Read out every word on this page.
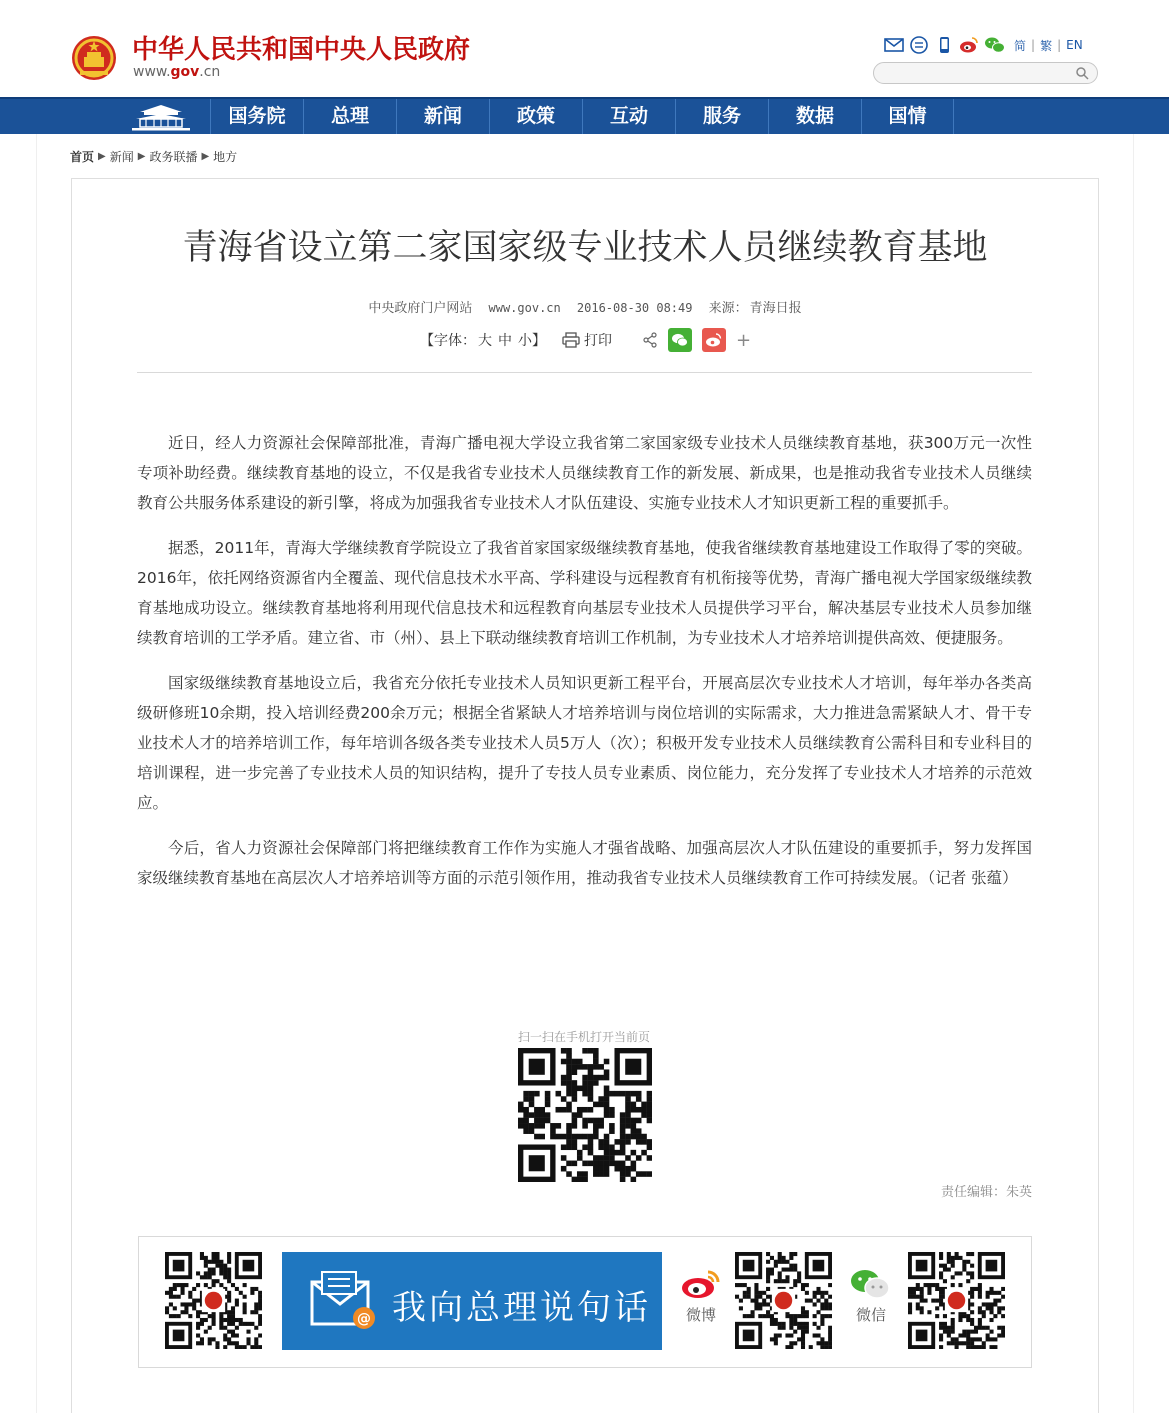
中华人民共和国中央人民政府
www.gov.cn
简 | 繁 | EN
国务院	总理	新闻	政策	互动	服务	数据	国情
首页 ▶ 新闻 ▶ 政务联播 ▶ 地方
青海省设立第二家国家级专业技术人员继续教育基地
中央政府门户网站 www.gov.cn 2016-08-30 08:49 来源： 青海日报
【字体： 大 中 小 】	打印	+

近日，经人力资源社会保障部批准，青海广播电视大学设立我省第二家国家级专业技术人员继续教育基地，获300万元一次性专项补助经费。继续教育基地的设立，不仅是我省专业技术人员继续教育工作的新发展、新成果，也是推动我省专业技术人员继续教育公共服务体系建设的新引擎，将成为加强我省专业技术人才队伍建设、实施专业技术人才知识更新工程的重要抓手。

据悉，2011年，青海大学继续教育学院设立了我省首家国家级继续教育基地，使我省继续教育基地建设工作取得了零的突破。2016年，依托网络资源省内全覆盖、现代信息技术水平高、学科建设与远程教育有机衔接等优势，青海广播电视大学国家级继续教育基地成功设立。继续教育基地将利用现代信息技术和远程教育向基层专业技术人员提供学习平台，解决基层专业技术人员参加继续教育培训的工学矛盾。建立省、市（州）、县上下联动继续教育培训工作机制，为专业技术人才培养培训提供高效、便捷服务。

国家级继续教育基地设立后，我省充分依托专业技术人员知识更新工程平台，开展高层次专业技术人才培训，每年举办各类高级研修班10余期，投入培训经费200余万元；根据全省紧缺人才培养培训与岗位培训的实际需求，大力推进急需紧缺人才、骨干专业技术人才的培养培训工作，每年培训各级各类专业技术人员5万人（次）；积极开发专业技术人员继续教育公需科目和专业科目的培训课程，进一步完善了专业技术人员的知识结构，提升了专技人员专业素质、岗位能力，充分发挥了专业技术人才培养的示范效应。

今后，省人力资源社会保障部门将把继续教育工作作为实施人才强省战略、加强高层次人才队伍建设的重要抓手，努力发挥国家级继续教育基地在高层次人才培养培训等方面的示范引领作用，推动我省专业技术人员继续教育工作可持续发展。（记者 张蕴）

扫一扫在手机打开当前页
责任编辑：朱英
@ 我向总理说句话	微博	微信
